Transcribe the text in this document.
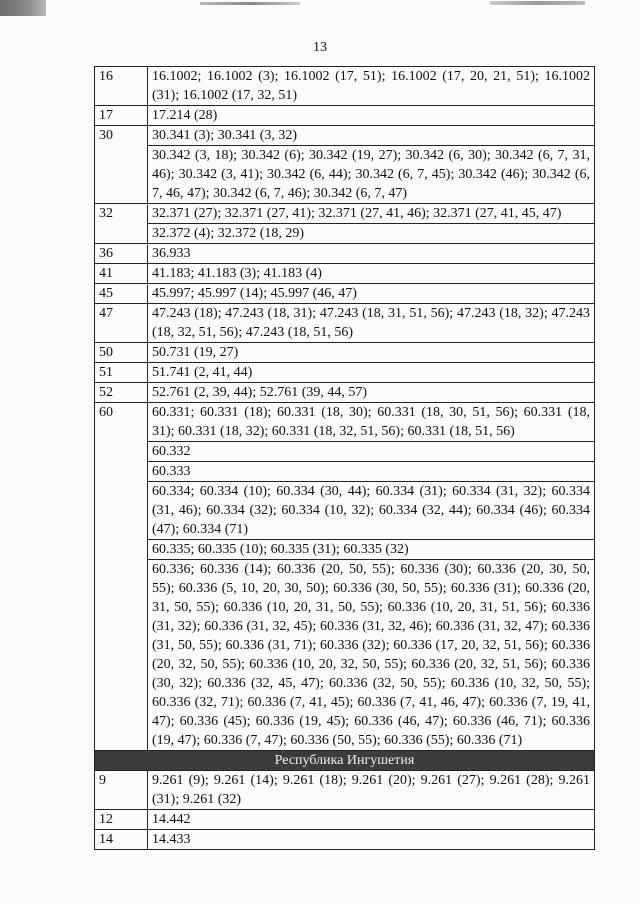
13
16	16.1002; 16.1002 (3); 16.1002 (17, 51); 16.1002 (17, 20, 21, 51); 16.1002 (31); 16.1002 (17, 32, 51)
17	17.214 (28)
30	30.341 (3); 30.341 (3, 32)
	30.342 (3, 18); 30.342 (6); 30.342 (19, 27); 30.342 (6, 30); 30.342 (6, 7, 31, 46); 30.342 (3, 41); 30.342 (6, 44); 30.342 (6, 7, 45); 30.342 (46); 30.342 (6, 7, 46, 47); 30.342 (6, 7, 46); 30.342 (6, 7, 47)
32	32.371 (27); 32.371 (27, 41); 32.371 (27, 41, 46); 32.371 (27, 41, 45, 47)
	32.372 (4); 32.372 (18, 29)
36	36.933
41	41.183; 41.183 (3); 41.183 (4)
45	45.997; 45.997 (14); 45.997 (46, 47)
47	47.243 (18); 47.243 (18, 31); 47.243 (18, 31, 51, 56); 47.243 (18, 32); 47.243 (18, 32, 51, 56); 47.243 (18, 51, 56)
50	50.731 (19, 27)
51	51.741 (2, 41, 44)
52	52.761 (2, 39, 44); 52.761 (39, 44, 57)
60	60.331; 60.331 (18); 60.331 (18, 30); 60.331 (18, 30, 51, 56); 60.331 (18, 31); 60.331 (18, 32); 60.331 (18, 32, 51, 56); 60.331 (18, 51, 56)
	60.332
	60.333
	60.334; 60.334 (10); 60.334 (30, 44); 60.334 (31); 60.334 (31, 32); 60.334 (31, 46); 60.334 (32); 60.334 (10, 32); 60.334 (32, 44); 60.334 (46); 60.334 (47); 60.334 (71)
	60.335; 60.335 (10); 60.335 (31); 60.335 (32)
	60.336; 60.336 (14); 60.336 (20, 50, 55); 60.336 (30); 60.336 (20, 30, 50, 55); 60.336 (5, 10, 20, 30, 50); 60.336 (30, 50, 55); 60.336 (31); 60.336 (20, 31, 50, 55); 60.336 (10, 20, 31, 50, 55); 60.336 (10, 20, 31, 51, 56); 60.336 (31, 32); 60.336 (31, 32, 45); 60.336 (31, 32, 46); 60.336 (31, 32, 47); 60.336 (31, 50, 55); 60.336 (31, 71); 60.336 (32); 60.336 (17, 20, 32, 51, 56); 60.336 (20, 32, 50, 55); 60.336 (10, 20, 32, 50, 55); 60.336 (20, 32, 51, 56); 60.336 (30, 32); 60.336 (32, 45, 47); 60.336 (32, 50, 55); 60.336 (10, 32, 50, 55); 60.336 (32, 71); 60.336 (7, 41, 45); 60.336 (7, 41, 46, 47); 60.336 (7, 19, 41, 47); 60.336 (45); 60.336 (19, 45); 60.336 (46, 47); 60.336 (46, 71); 60.336 (19, 47); 60.336 (7, 47); 60.336 (50, 55); 60.336 (55); 60.336 (71)
Республика Ингушетия	
9	9.261 (9); 9.261 (14); 9.261 (18); 9.261 (20); 9.261 (27); 9.261 (28); 9.261 (31); 9.261 (32)
12	14.442
14	14.433
